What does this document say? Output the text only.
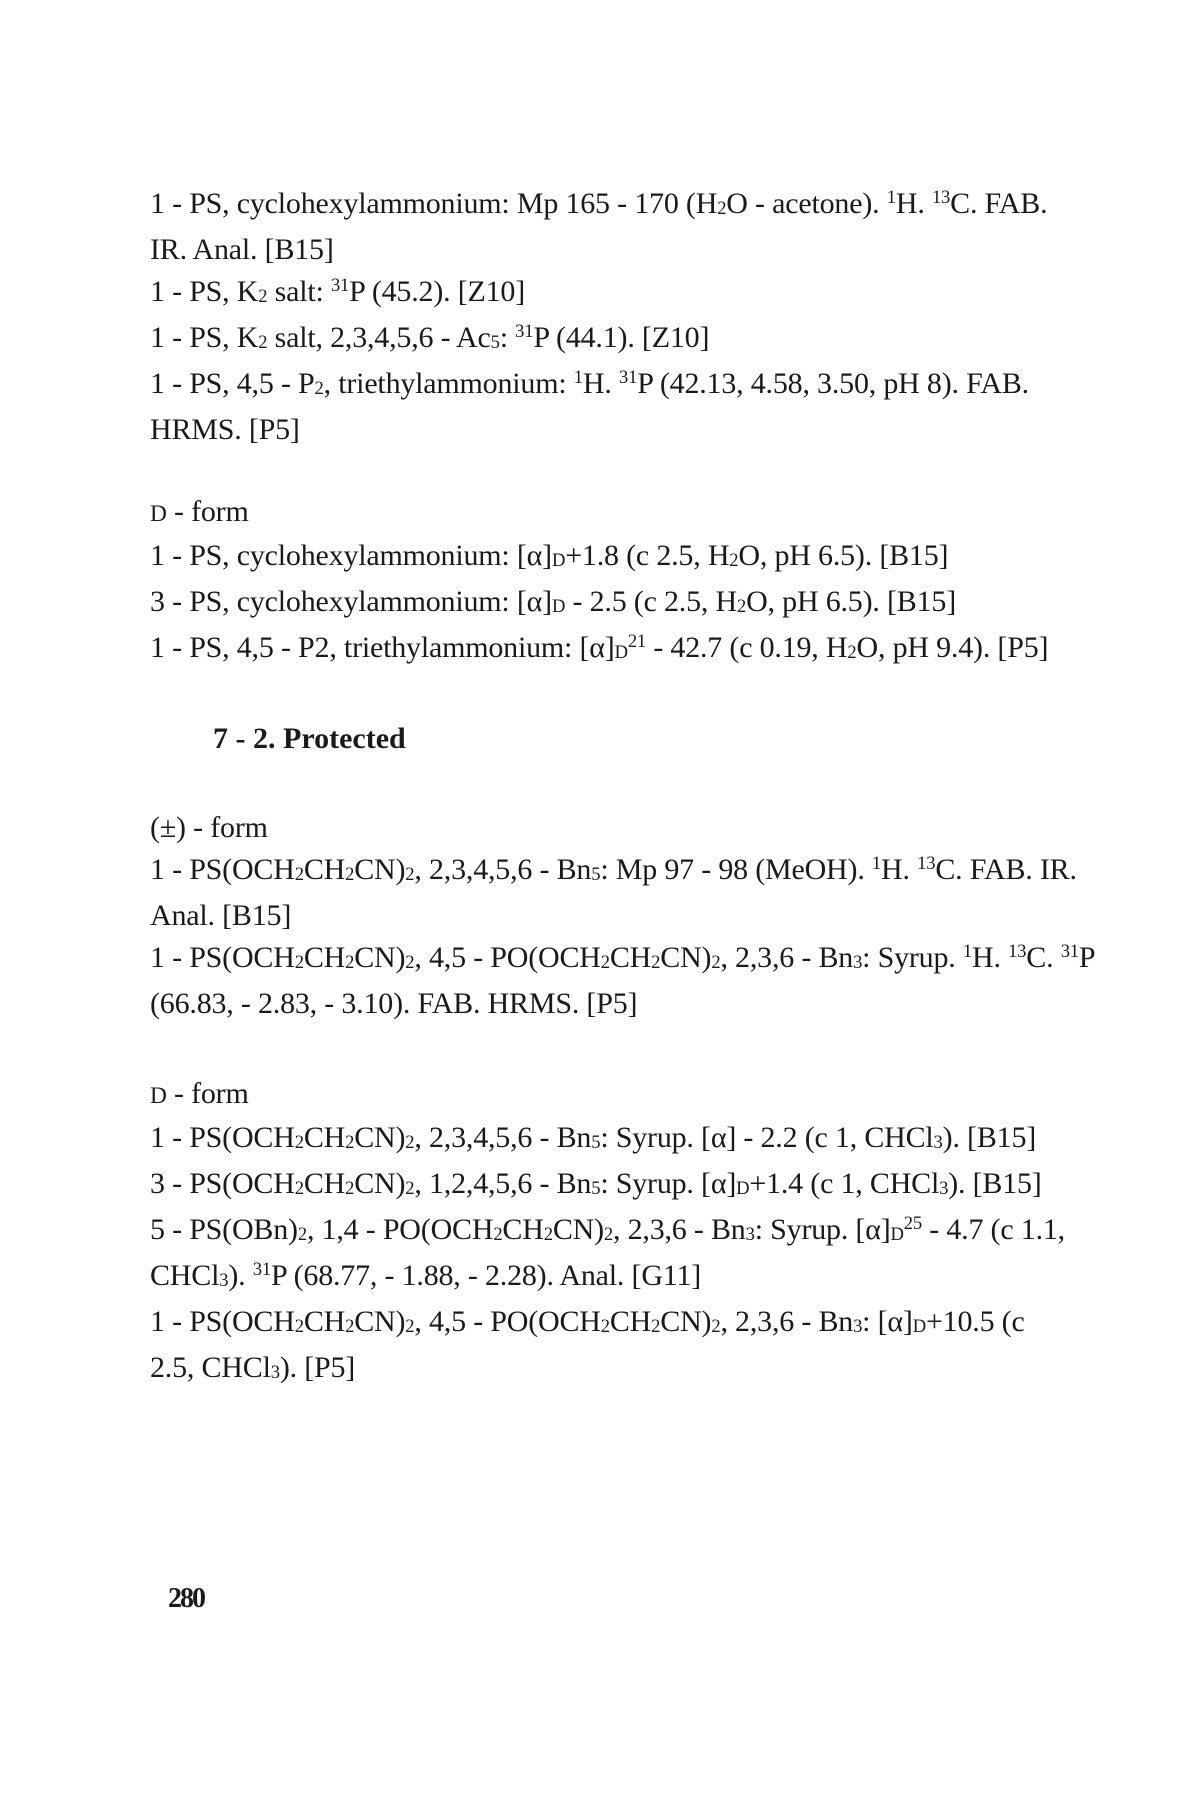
1 - PS, cyclohexylammonium: Mp 165 - 170 (H2O - acetone). $^1$H. $^{13}$C. FAB.
IR. Anal. [B15]
1 - PS, K2 salt: $^{31}$P (45.2). [Z10]
1 - PS, K2 salt, 2,3,4,5,6 - Ac5: $^{31}$P (44.1). [Z10]
1 - PS, 4,5 - P2, triethylammonium: $^1$H. $^{31}$P (42.13, 4.58, 3.50, pH 8). FAB.
HRMS. [P5]
D - form
1 - PS, cyclohexylammonium: [α]D+1.8 (c 2.5, H2O, pH 6.5). [B15]
3 - PS, cyclohexylammonium: [α]D - 2.5 (c 2.5, H2O, pH 6.5). [B15]
1 - PS, 4,5 - P2, triethylammonium: $[\alpha]D^{21} - 42.7$ (c 0.19, H2O, pH 9.4). [P5]
7 - 2. Protected
(±) - form
1 - PS(OCH2CH2CN)2, 2,3,4,5,6 - Bn5: Mp 97 - 98 (MeOH). $^1$H. $^{13}$C. FAB. IR.
Anal. [B15]
1 - PS(OCH2CH2CN)2, 4,5 - PO(OCH2CH2CN)2, 2,3,6 - Bn3: Syrup. $^1$H. $^{13}$C. $^{31}$P
(66.83, - 2.83, - 3.10). FAB. HRMS. [P5]
D - form
1 - PS(OCH2CH2CN)2, 2,3,4,5,6 - Bn5: Syrup. [α] - 2.2 (c 1, CHCl3). [B15]
3 - PS(OCH2CH2CN)2, 1,2,4,5,6 - Bn5: Syrup. [α]D+1.4 (c 1, CHCl3). [B15]
5 - PS(OBn)2, 1,4 - PO(OCH2CH2CN)2, 2,3,6 - Bn3: Syrup. $[\alpha]D^{25} - 4.7$ (c 1.1,
CHCl3). $^{31}$P (68.77, - 1.88, - 2.28). Anal. [G11]
1 - PS(OCH2CH2CN)2, 4,5 - PO(OCH2CH2CN)2, 2,3,6 - Bn3: [α]D+10.5 (c
2.5, CHCl3). [P5]
280
